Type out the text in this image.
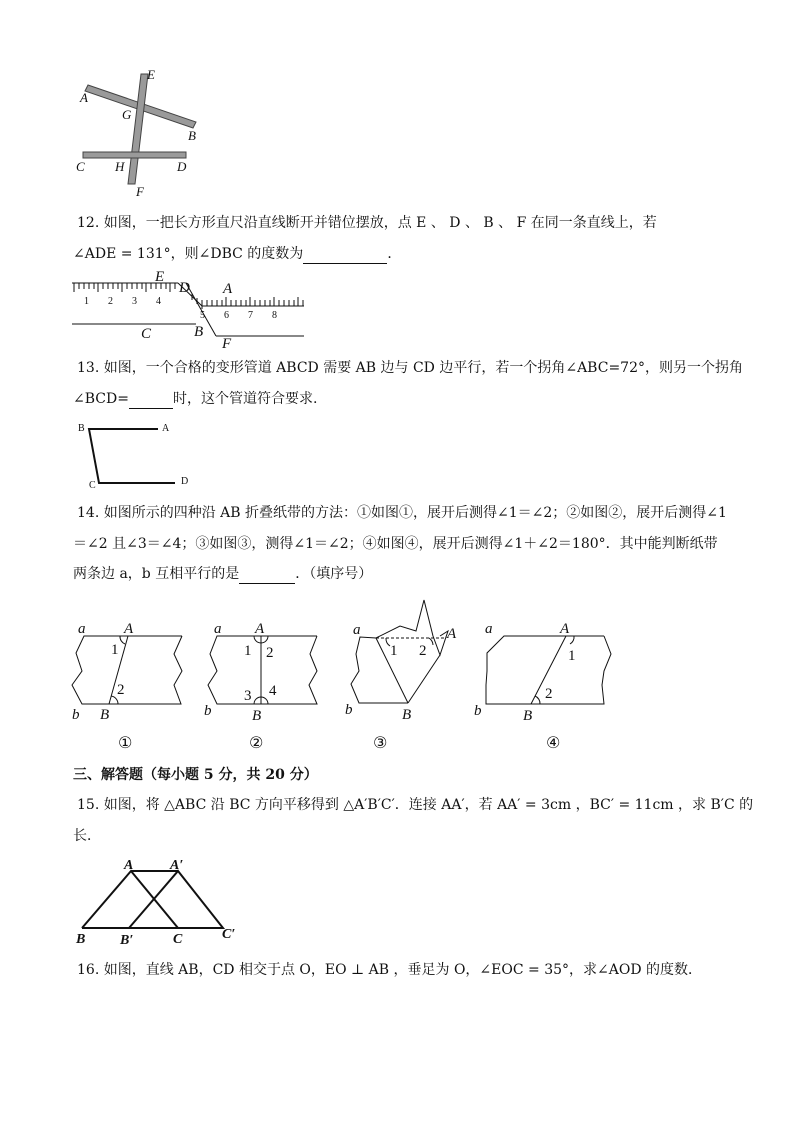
E
A
G
B
C H	D
F
12. 如图，一把长方形直尺沿直线断开并错位摆放，点 E 、 D 、 B 、 F 在同一条直线上，若
∠ADE = 131°，则∠DBC 的度数为	．
1 2 3 4
5 6 7 8
E
D A
C	B
F
13. 如图，一个合格的变形管道 ABCD 需要 AB 边与 CD 边平行，若一个拐角∠ABC=72°，则另一个拐角
∠BCD=	时，这个管道符合要求.
B	A
C	D
14. 如图所示的四种沿 AB 折叠纸带的方法：①如图①，展开后测得∠1＝∠2；②如图②，展开后测得∠1
＝∠2 且∠3＝∠4；③如图③，测得∠1＝∠2；④如图④，展开后测得∠1＋∠2＝180°．其中能判断纸带
两条边 a，b 互相平行的是	．（填序号）
a	A
1
2
b B
①
a A
1 2
3 4
b	B
②
a	A
1 2
b	B
③
a	A
1
2
b	B
④
三、解答题（每小题 5 分，共 20 分）
15. 如图，将 △ABC 沿 BC 方向平移得到 △A′B′C′．连接 AA′，若 AA′ = 3cm ，BC′ = 11cm ，求 B′C 的
长．
A	A′
B B′	C	C′
16. 如图，直线 AB，CD 相交于点 O，EO ⊥ AB ，垂足为 O，∠EOC = 35°，求∠AOD 的度数．
